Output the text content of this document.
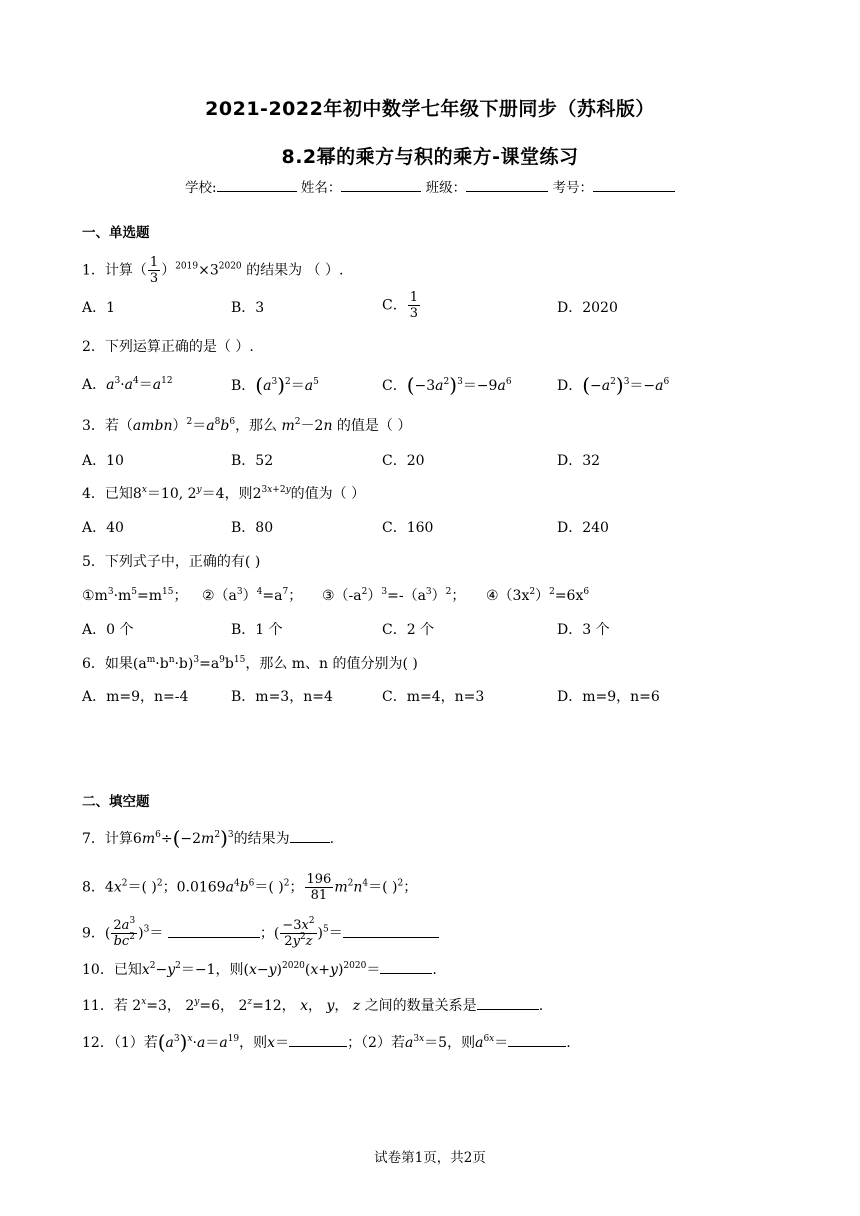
2021-2022年初中数学七年级下册同步（苏科版）
8.2幂的乘方与积的乘方-课堂练习
学校:	姓名：	班级：	考号：
一、单选题
1．计算（ $\frac{1}{3} )^{2019}\times 3^{2020}$ 的结果为 （ ）.
A．1	B．3	C． $\frac{1}{3}$	D．2020
2．下列运算正确的是（ ）.
A．$a^3\cdot a^4=a^{12}$	B．$(a^3)^2=a^5$	C．$(-3a^2)^3=-9a^6$	D．$(-a^2)^3=-a^6$
3．若$(ambn)^2=a^8b^6$，那么 $m^2-2n$ 的值是（ ）
A．10	B．52	C．20	D．32
4．已知$8^x=10$, $2^y=4$，则$2^{3x+2y}$的值为（ ）
A．40	B．80	C．160	D．240
5．下列式子中，正确的有( )
$①m^3\cdot m^5=m^{15}$； $②(a^3)^4=a^7$； $③(-a^2)^3=-(a^3)^2$； $④(3x^2)^2=6x^6$
A．0 个	B．1 个	C．2 个	D．3 个
6．如果$(a^m\cdot b^n\cdot b)^3=a^9b^{15}$，那么 m、n 的值分别为( )
A．m=9，n=-4	B．m=3，n=4	C．m=4，n=3	D．m=9，n=6
二、填空题
7．计算$6m^6\div(-2m^2)^3$的结果为	.
8．$4x^2=$( )$^2$；$0.0169a^4b^6=$( )$^2$； $\frac{196}{81} m^2n^4=$( )$^2$；
9．( $\frac{2a^3}{bc^2} )^3=$	；( $\frac{-3x^2}{2y^2z} )^5=$
10．已知$x^2-y^2=-1$，则$(x-y)^{2020}(x+y)^{2020}=$	.
11．若 $2^x=3$， $2^y=6$， $2^z=12$， x， y， z 之间的数量关系是	.
12．（1）若$(a^3)^x\cdot a=a^{19}$，则x＝	；（2）若$a^{3x}=5$，则$a^{6x}=$	.
试卷第1页，共2页
